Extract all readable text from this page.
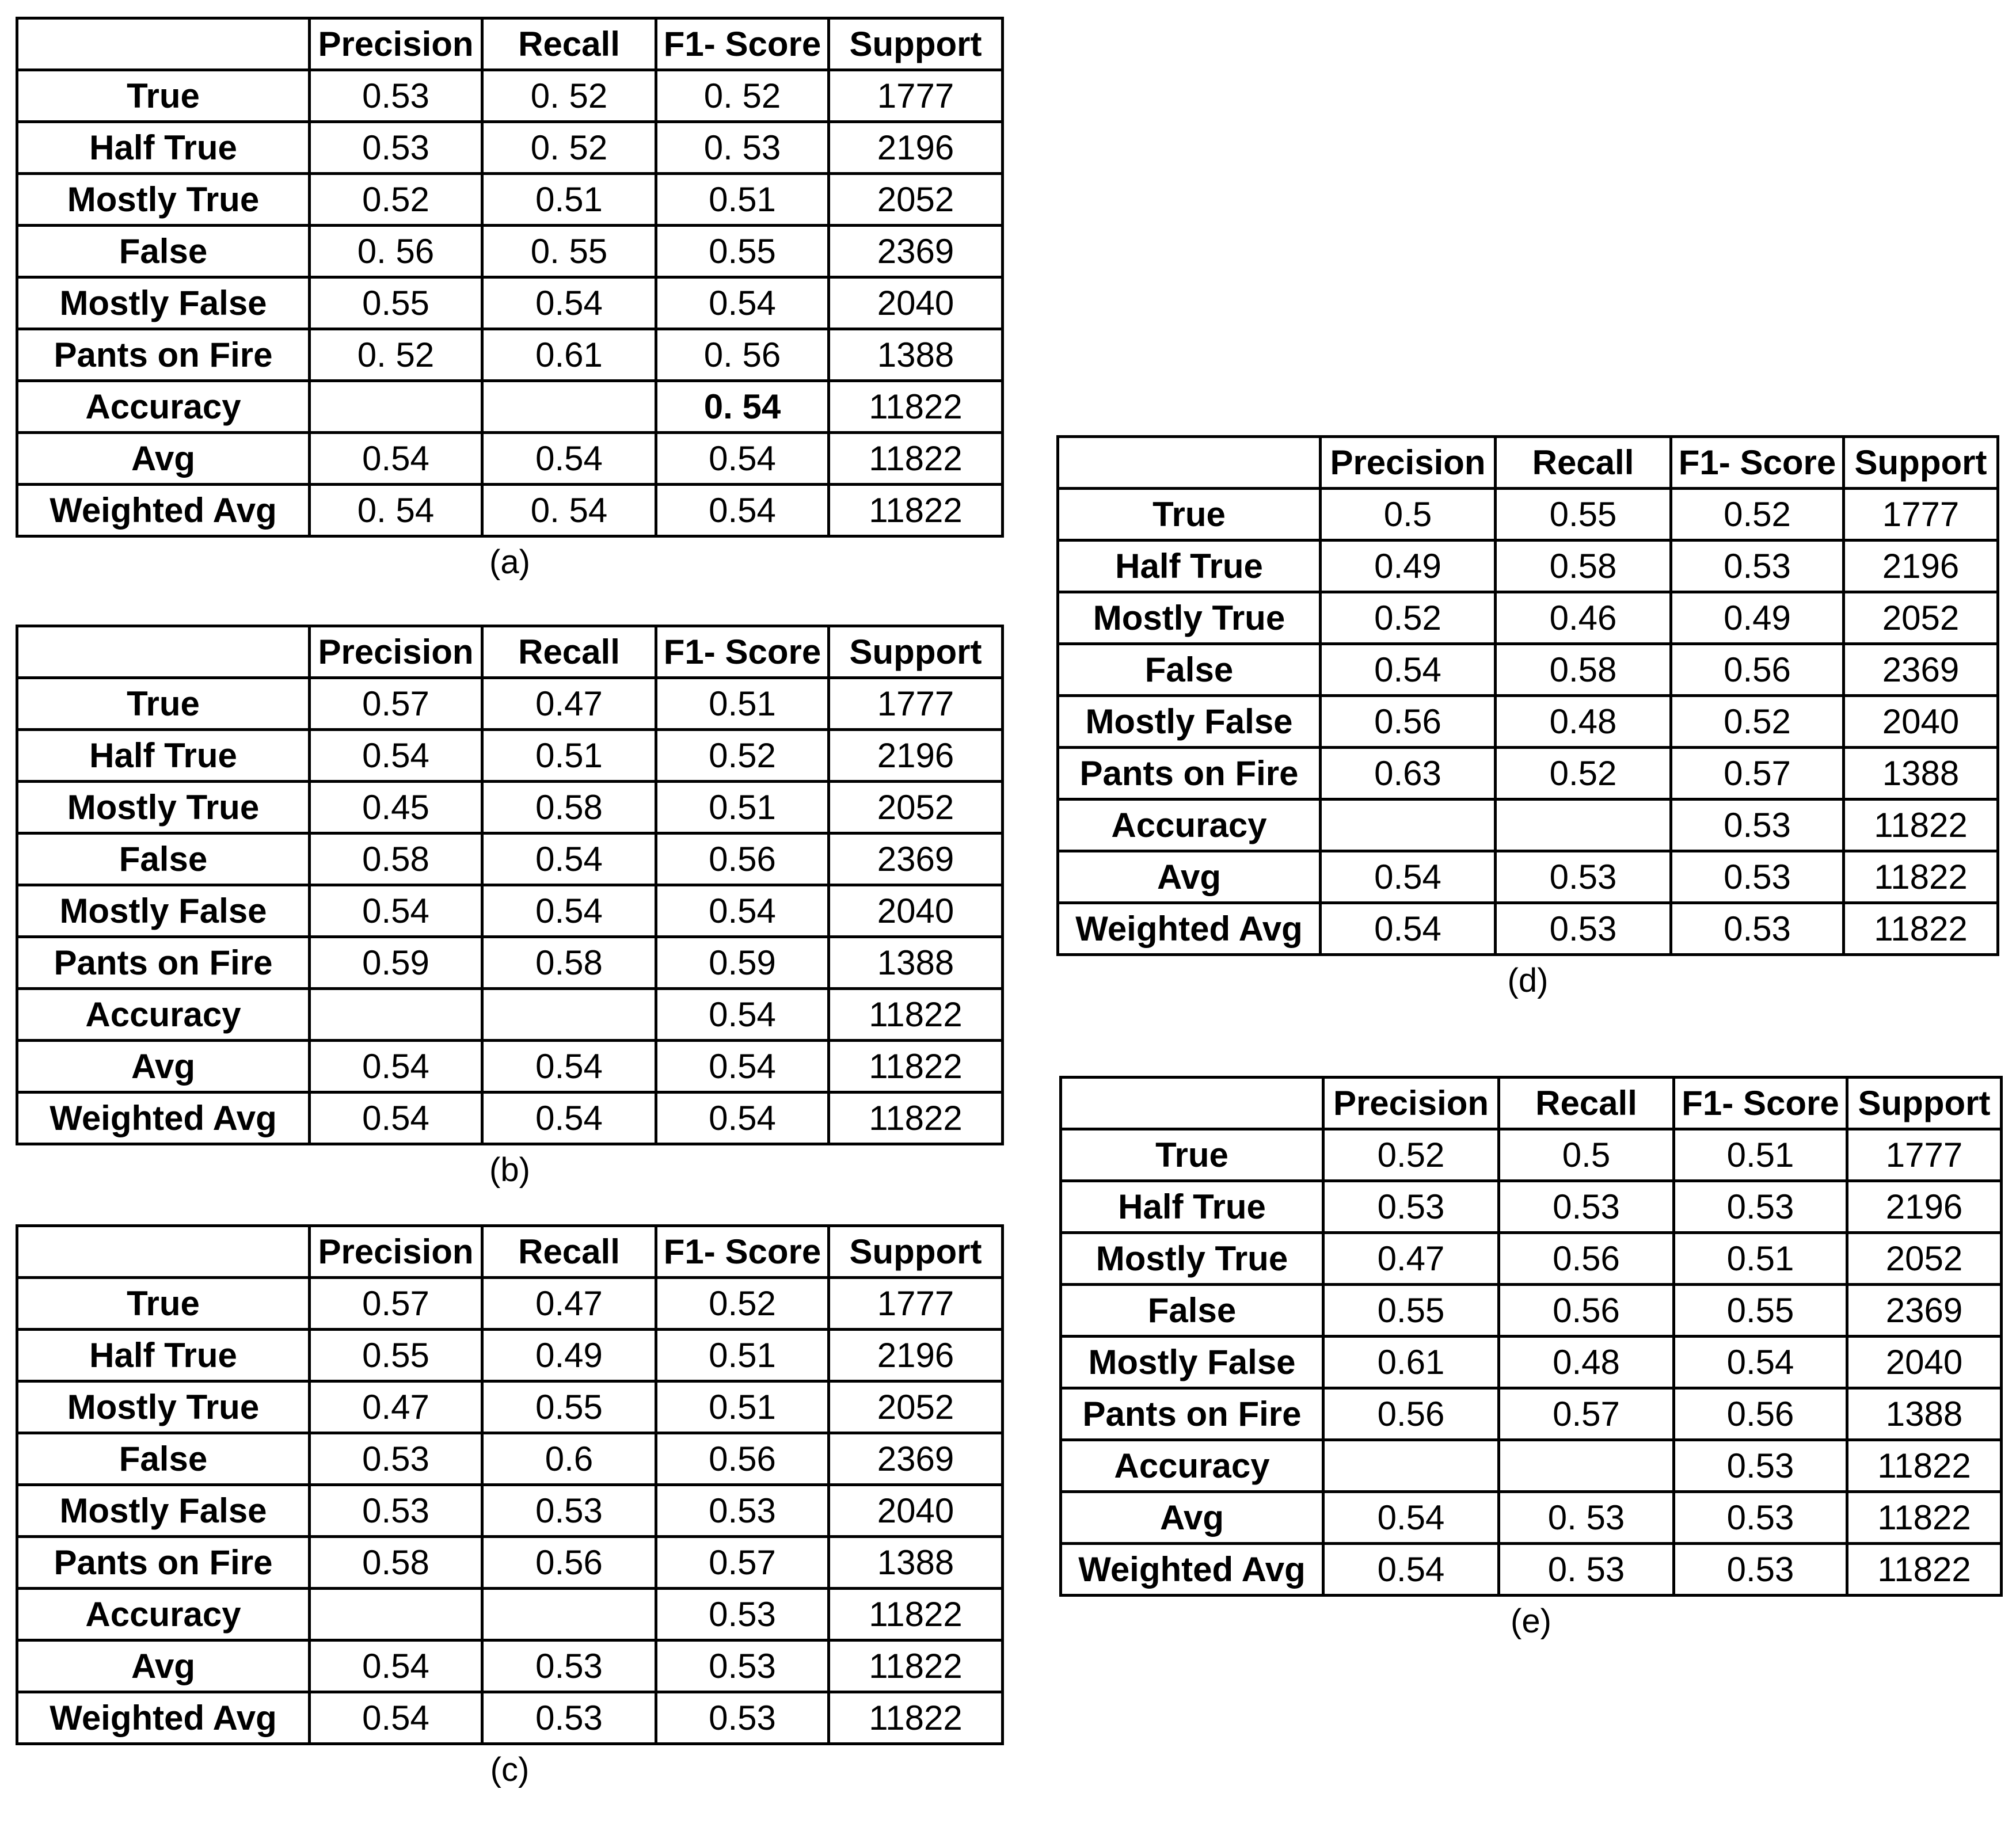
	Precision	Recall	F1- Score	Support
True	0.53	0. 52	0. 52	1777
Half True	0.53	0. 52	0. 53	2196
Mostly True	0.52	0.51	0.51	2052
False	0. 56	0. 55	0.55	2369
Mostly False	0.55	0.54	0.54	2040
Pants on Fire	0. 52	0.61	0. 56	1388
Accuracy			0. 54	11822
Avg	0.54	0.54	0.54	11822
Weighted Avg	0. 54	0. 54	0.54	11822
(a)
	Precision	Recall	F1- Score	Support
True	0.57	0.47	0.51	1777
Half True	0.54	0.51	0.52	2196
Mostly True	0.45	0.58	0.51	2052
False	0.58	0.54	0.56	2369
Mostly False	0.54	0.54	0.54	2040
Pants on Fire	0.59	0.58	0.59	1388
Accuracy			0.54	11822
Avg	0.54	0.54	0.54	11822
Weighted Avg	0.54	0.54	0.54	11822
(b)
	Precision	Recall	F1- Score	Support
True	0.57	0.47	0.52	1777
Half True	0.55	0.49	0.51	2196
Mostly True	0.47	0.55	0.51	2052
False	0.53	0.6	0.56	2369
Mostly False	0.53	0.53	0.53	2040
Pants on Fire	0.58	0.56	0.57	1388
Accuracy			0.53	11822
Avg	0.54	0.53	0.53	11822
Weighted Avg	0.54	0.53	0.53	11822
(c)
	Precision	Recall	F1- Score	Support
True	0.5	0.55	0.52	1777
Half True	0.49	0.58	0.53	2196
Mostly True	0.52	0.46	0.49	2052
False	0.54	0.58	0.56	2369
Mostly False	0.56	0.48	0.52	2040
Pants on Fire	0.63	0.52	0.57	1388
Accuracy			0.53	11822
Avg	0.54	0.53	0.53	11822
Weighted Avg	0.54	0.53	0.53	11822
(d)
	Precision	Recall	F1- Score	Support
True	0.52	0.5	0.51	1777
Half True	0.53	0.53	0.53	2196
Mostly True	0.47	0.56	0.51	2052
False	0.55	0.56	0.55	2369
Mostly False	0.61	0.48	0.54	2040
Pants on Fire	0.56	0.57	0.56	1388
Accuracy			0.53	11822
Avg	0.54	0. 53	0.53	11822
Weighted Avg	0.54	0. 53	0.53	11822
(e)
